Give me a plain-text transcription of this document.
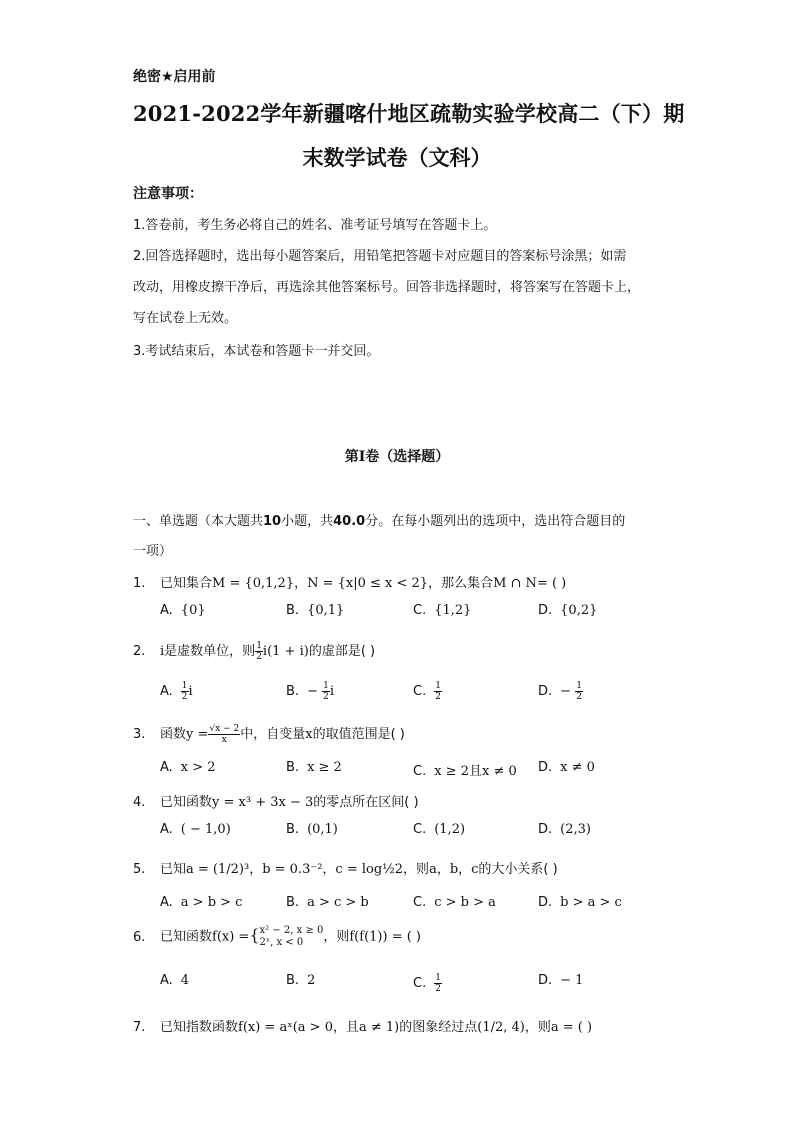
绝密★启用前
2021-2022学年新疆喀什地区疏勒实验学校高二（下）期
末数学试卷（文科）
注意事项：
1.答卷前，考生务必将自己的姓名、准考证号填写在答题卡上。
2.回答选择题时，选出每小题答案后，用铅笔把答题卡对应题目的答案标号涂黑；如需
改动，用橡皮擦干净后，再选涂其他答案标号。回答非选择题时，将答案写在答题卡上，
写在试卷上无效。
3.考试结束后，本试卷和答题卡一并交回。
第I卷（选择题）
一、单选题（本大题共10小题，共40.0分。在每小题列出的选项中，选出符合题目的
一项）
1. 已知集合M = {0,1,2}，N = {x|0 ≤ x < 2}，那么集合M ∩ N= ( )
A. {0}	B. {0,1}	C. {1,2}	D. {0,2}
2. i是虚数单位，则 $\frac{1}{2} i(1 + i)$的虚部是( )
A. $\frac{1}{2}$ i	B. − $\frac{1}{2}$ i	C. $\frac{1}{2}$	D. − $\frac{1}{2}$
3. 函数$y = \frac{√x - 2}{x}$ 中，自变量x的取值范围是( )
A. x > 2	B. x ≥ 2	C. x ≥ 2且x ≠ 0 D. x ≠ 0
4. 已知函数y = x³ + 3x − 3的零点所在区间( )
A. ( − 1,0)	B. (0,1)	C. (1,2)	D. (2,3)
5. 已知a = (1/2)³，b = 0.3⁻²，c = log½2，则a，b，c的大小关系( )
A. a > b > c	B. a > c > b	C. c > b > a	D. b > a > c
6. 已知函数f(x) ={ x² − 2, x ≥ 0
2ˣ, x < 0	，则f(f(1)) = ( )
A. 4	B. 2	C. $\frac{1}{2}$	D. − 1
7. 已知指数函数f(x) = aˣ(a > 0，且a ≠ 1)的图象经过点(1/2, 4)，则a = ( )
